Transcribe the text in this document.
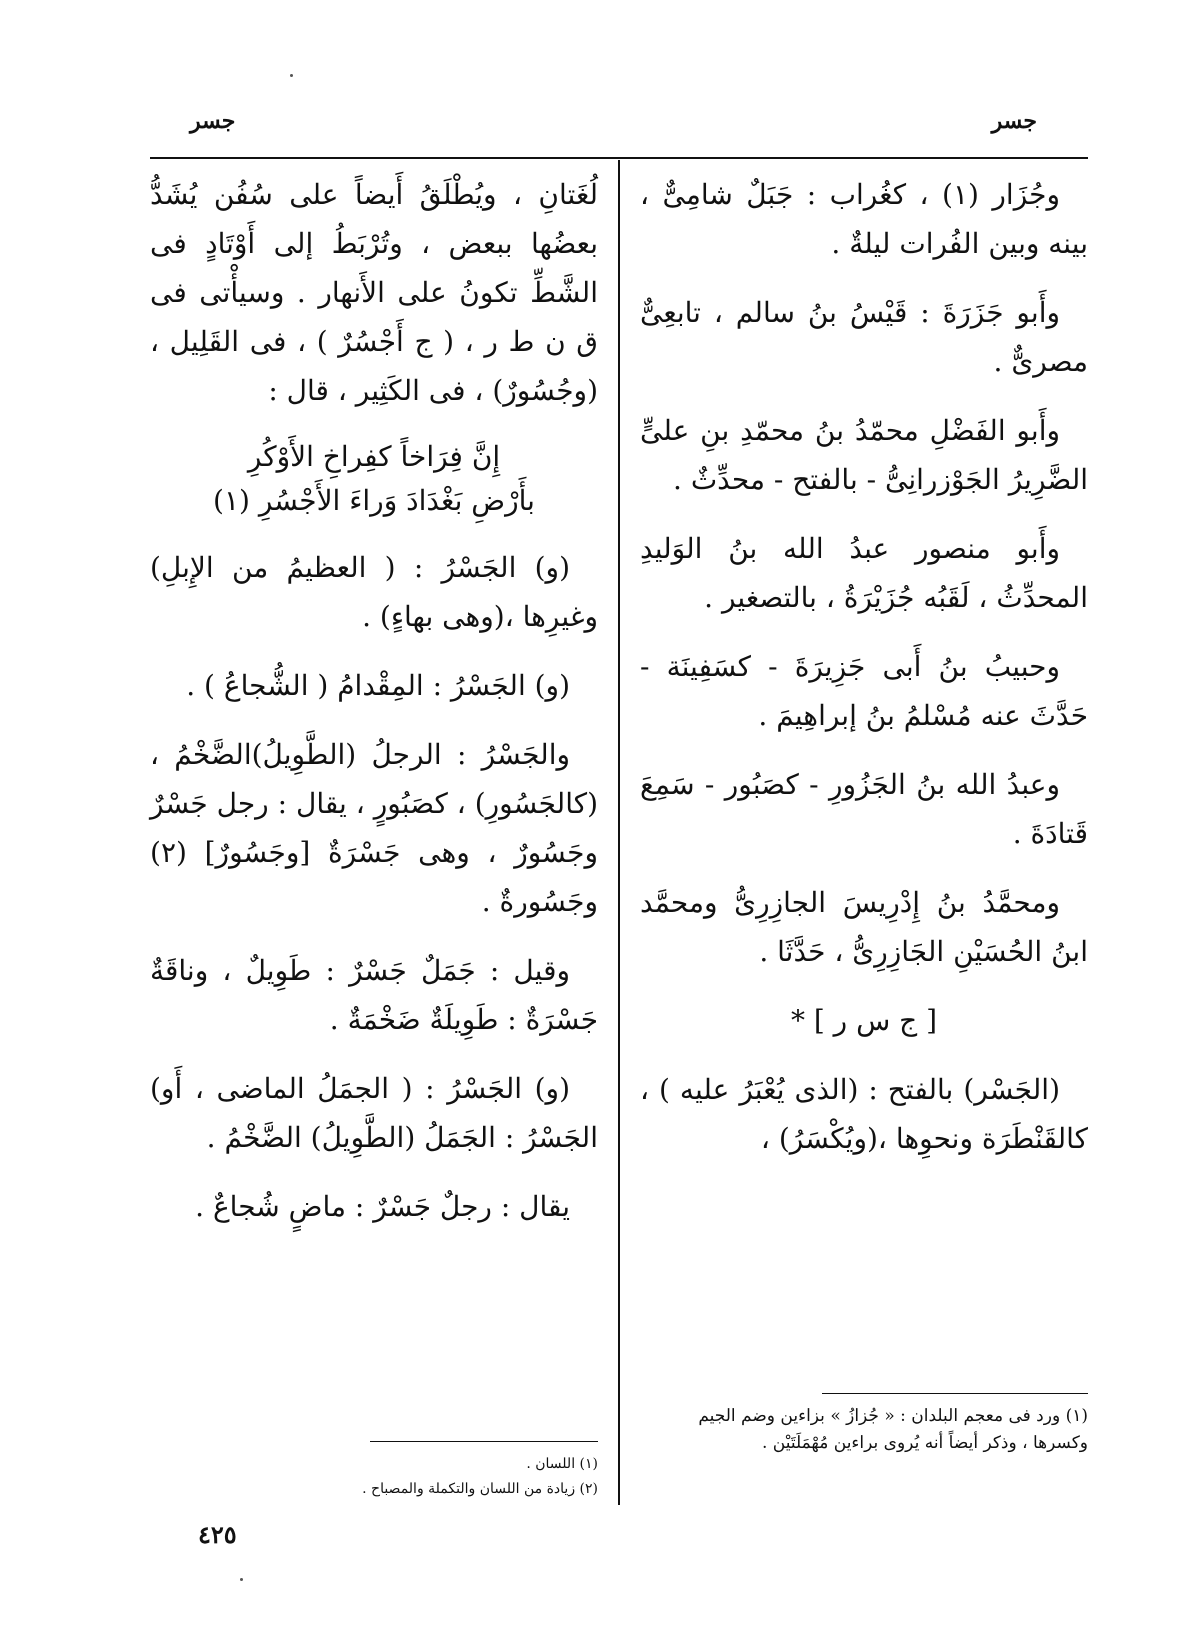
جسر
جسر

وجُزَار (١) ، كغُراب : جَبَلٌ شامِىٌّ ، بينه وبين الفُرات ليلةٌ .

وأَبو جَزَرَةَ : قَيْسُ بنُ سالم ، تابعِىٌّ مصرىٌّ .

وأَبو الفَضْلِ محمّدُ بنُ محمّدِ بنِ علىٍّ الضَّرِيرُ الجَوْزرانِىُّ - بالفتح - محدِّثٌ .

وأَبو منصور عبدُ الله بنُ الوَليدِ المحدِّثُ ، لَقَبُه جُزَيْرَةُ ، بالتصغير .

وحبيبُ بنُ أَبى جَزِيرَةَ - كسَفِينَة - حَدَّثَ عنه مُسْلمُ بنُ إبراهِيمَ .

وعبدُ الله بنُ الجَزُورِ - كصَبُور - سَمِعَ قَتادَةَ .

ومحمَّدُ بنُ إِدْرِيسَ الجازِرِىُّ ومحمَّد ابنُ الحُسَيْنِ الجَازِرِىُّ ، حَدَّثَا .

[ ج س ر ] *

(الجَسْر) بالفتح : (الذى يُعْبَرُ عليه ) ، كالقَنْطَرَة ونحوِها ،(ويُكْسَرُ) ،

لُغَتانِ ، ويُطْلَقُ أَيضاً على سُفُن يُشَدُّ بعضُها ببعض ، وتُرْبَطُ إلى أَوْتَادٍ فى الشَّطِّ تكونُ على الأَنهار . وسيأْتى فى ق ن ط ر ، ( ج أَجْسُرٌ ) ، فى القَلِيل ، (وجُسُورٌ) ، فى الكَثِير ، قال :

إِنَّ فِرَاخاً كفِراخِ الأَوْكُرِ
بأَرْضِ بَغْدَادَ وَراءَ الأَجْسُرِ (١)

(و) الجَسْرُ : ( العظيمُ من الإِبلِ) وغيرِها ،(وهى بهاءٍ) .

(و) الجَسْرُ : المِقْدامُ ( الشُّجاعُ ) .

والجَسْرُ : الرجلُ (الطَّوِيلُ)الضَّخْمُ ، (كالجَسُورِ) ، كصَبُورٍ ، يقال : رجل جَسْرٌ وجَسُورٌ ، وهى جَسْرَةٌ [وجَسُورٌ] (٢) وجَسُورةٌ .

وقيل : جَمَلٌ جَسْرٌ : طَوِيلٌ ، وناقَةٌ جَسْرَةٌ : طَوِيلَةٌ ضَخْمَةٌ .

(و) الجَسْرُ : ( الجمَلُ الماضى ، أَو) الجَسْرُ : الجَمَلُ (الطَّوِيلُ) الضَّخْمُ .

يقال : رجلٌ جَسْرٌ : ماضٍ شُجاعٌ .

(١) ورد فى معجم البلدان : « جُزازُ » بزاءين وضم الجيم وكسرها ، وذكر أيضاً أنه يُروى براءين مُهْمَلَتَيْن .

(١) اللسان .

(٢) زيادة من اللسان والتكملة والمصباح .

٤٢٥
